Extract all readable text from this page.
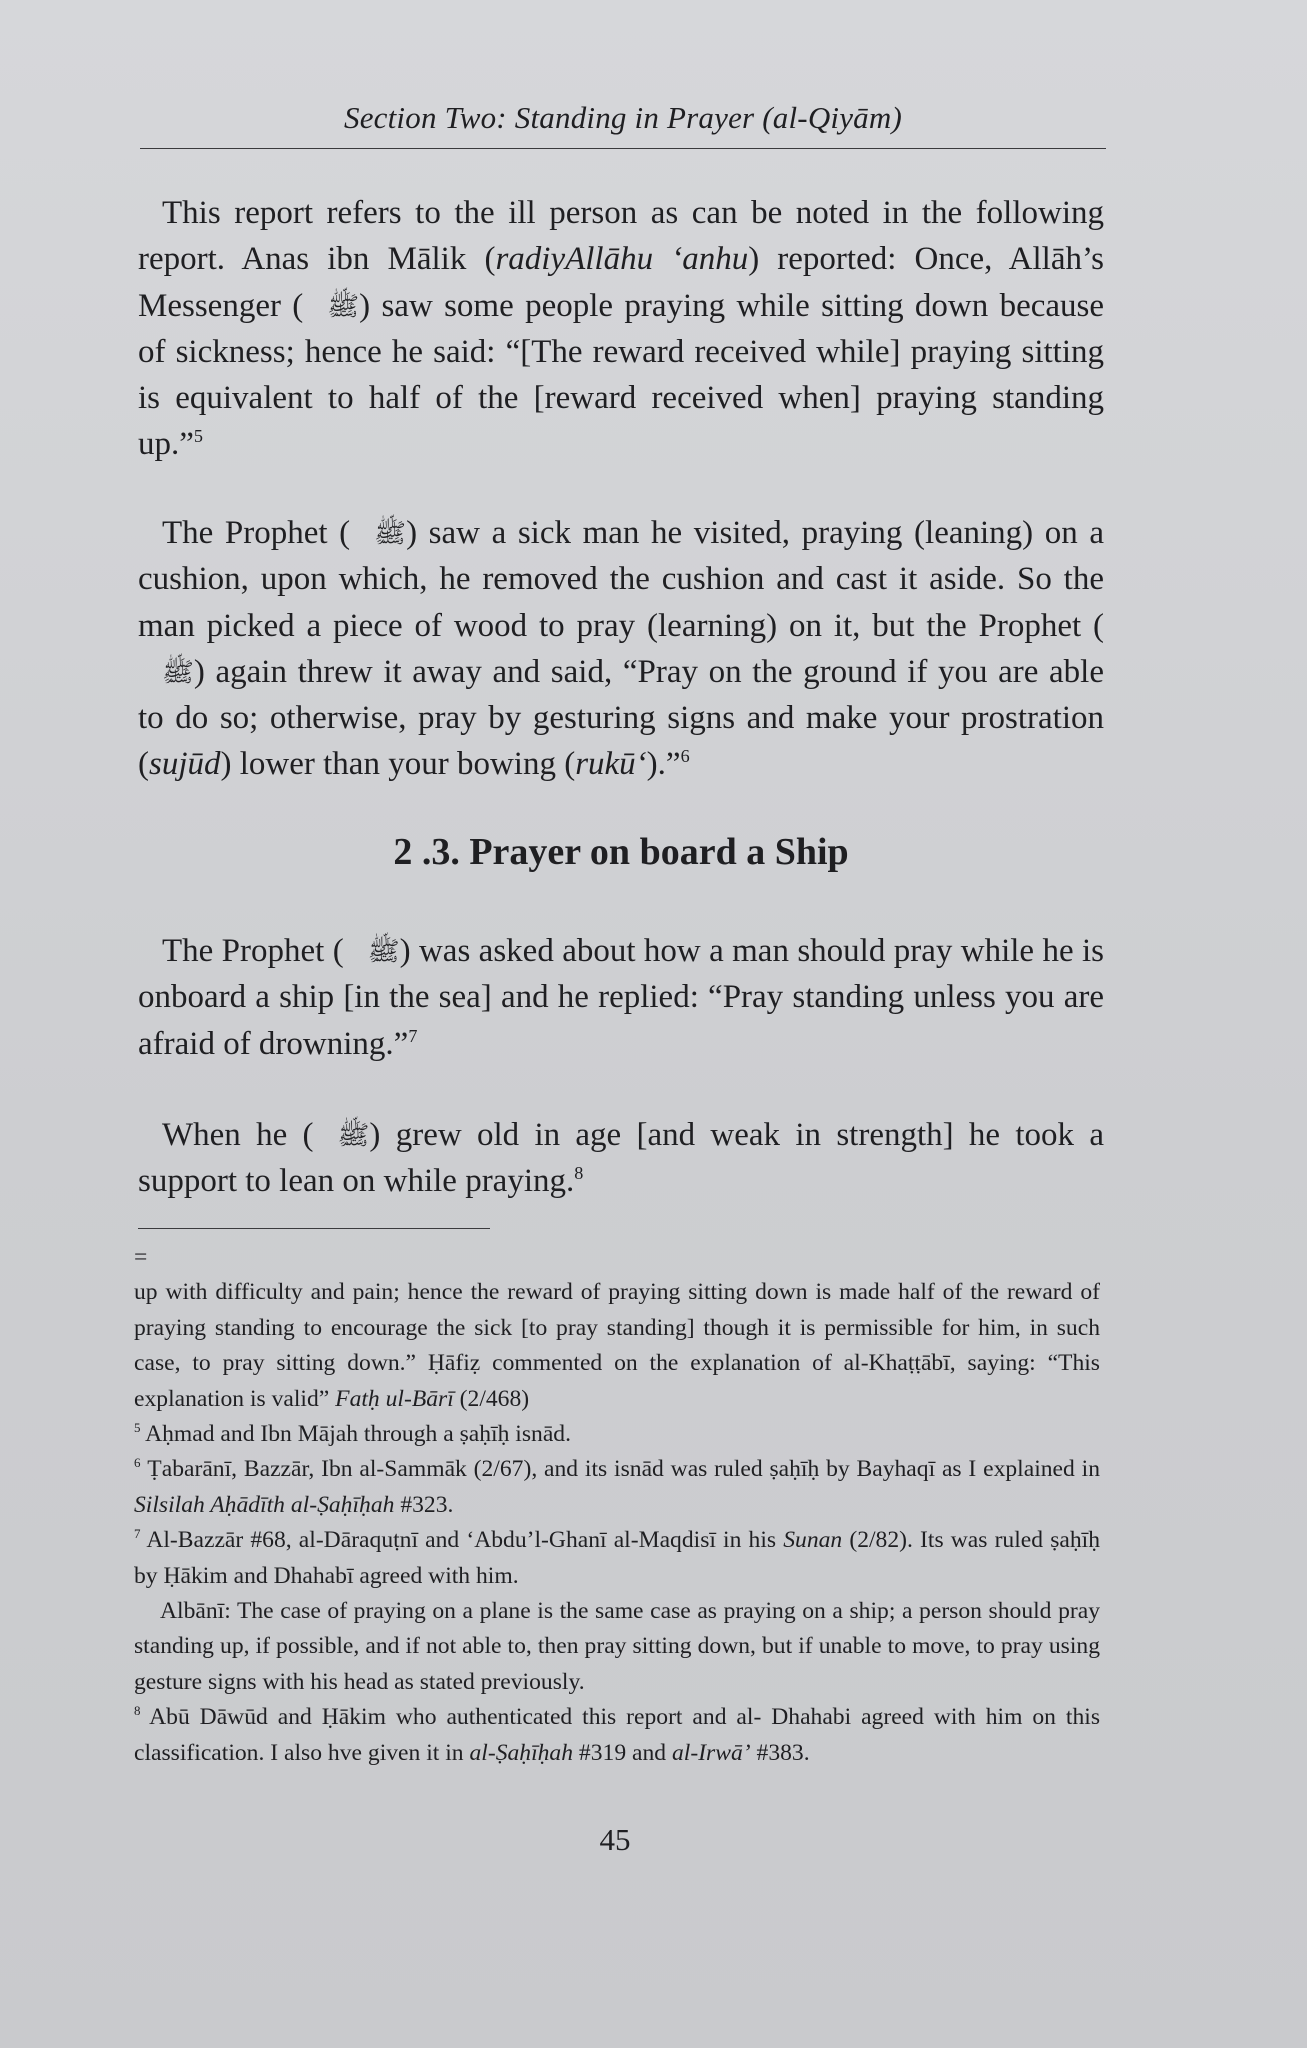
Section Two: Standing in Prayer (al-Qiyām)

This report refers to the ill person as can be noted in the following report. Anas ibn Mālik (radiyAllāhu ‘anhu) reported: Once, Allāh’s Messenger ( ﷺ) saw some people praying while sitting down because of sickness; hence he said: “[The reward received while] praying sitting is equivalent to half of the [reward received when] praying standing up.”$^5$

The Prophet ( ﷺ) saw a sick man he visited, praying (leaning) on a cushion, upon which, he removed the cushion and cast it aside. So the man picked a piece of wood to pray (learning) on it, but the Prophet (ﷺ) again threw it away and said, “Pray on the ground if you are able to do so; otherwise, pray by gesturing signs and make your prostration (sujūd) lower than your bowing (rukū‘).”$^6$

2 .3. Prayer on board a Ship

The Prophet ( ﷺ) was asked about how a man should pray while he is onboard a ship [in the sea] and he replied: “Pray standing unless you are afraid of drowning.”$^7$

When he ( ﷺ) grew old in age [and weak in strength] he took a support to lean on while praying.$^8$

=

up with difficulty and pain; hence the reward of praying sitting down is made half of the reward of praying standing to encourage the sick [to pray standing] though it is permissible for him, in such case, to pray sitting down.” Ḥāfiẓ commented on the explanation of al-Khaṭṭābī, saying: “This explanation is valid” Fatḥ ul-Bārī (2/468)

$^5$ Aḥmad and Ibn Mājah through a ṣaḥīḥ isnād.

$^6$ Ṭabarānī, Bazzār, Ibn al-Sammāk (2/67), and its isnād was ruled ṣaḥīḥ by Bayhaqī as I explained in Silsilah Aḥādīth al-Ṣaḥīḥah #323.

$^7$ Al-Bazzār #68, al-Dāraquṭnī and ‘Abdu’l-Ghanī al-Maqdisī in his Sunan (2/82). Its was ruled ṣaḥīḥ by Ḥākim and Dhahabī agreed with him.

Albānī: The case of praying on a plane is the same case as praying on a ship; a person should pray standing up, if possible, and if not able to, then pray sitting down, but if unable to move, to pray using gesture signs with his head as stated previously.

$^8$ Abū Dāwūd and Ḥākim who authenticated this report and al- Dhahabi agreed with him on this classification. I also hve given it in al-Ṣaḥīḥah #319 and al-Irwā’ #383.

45
